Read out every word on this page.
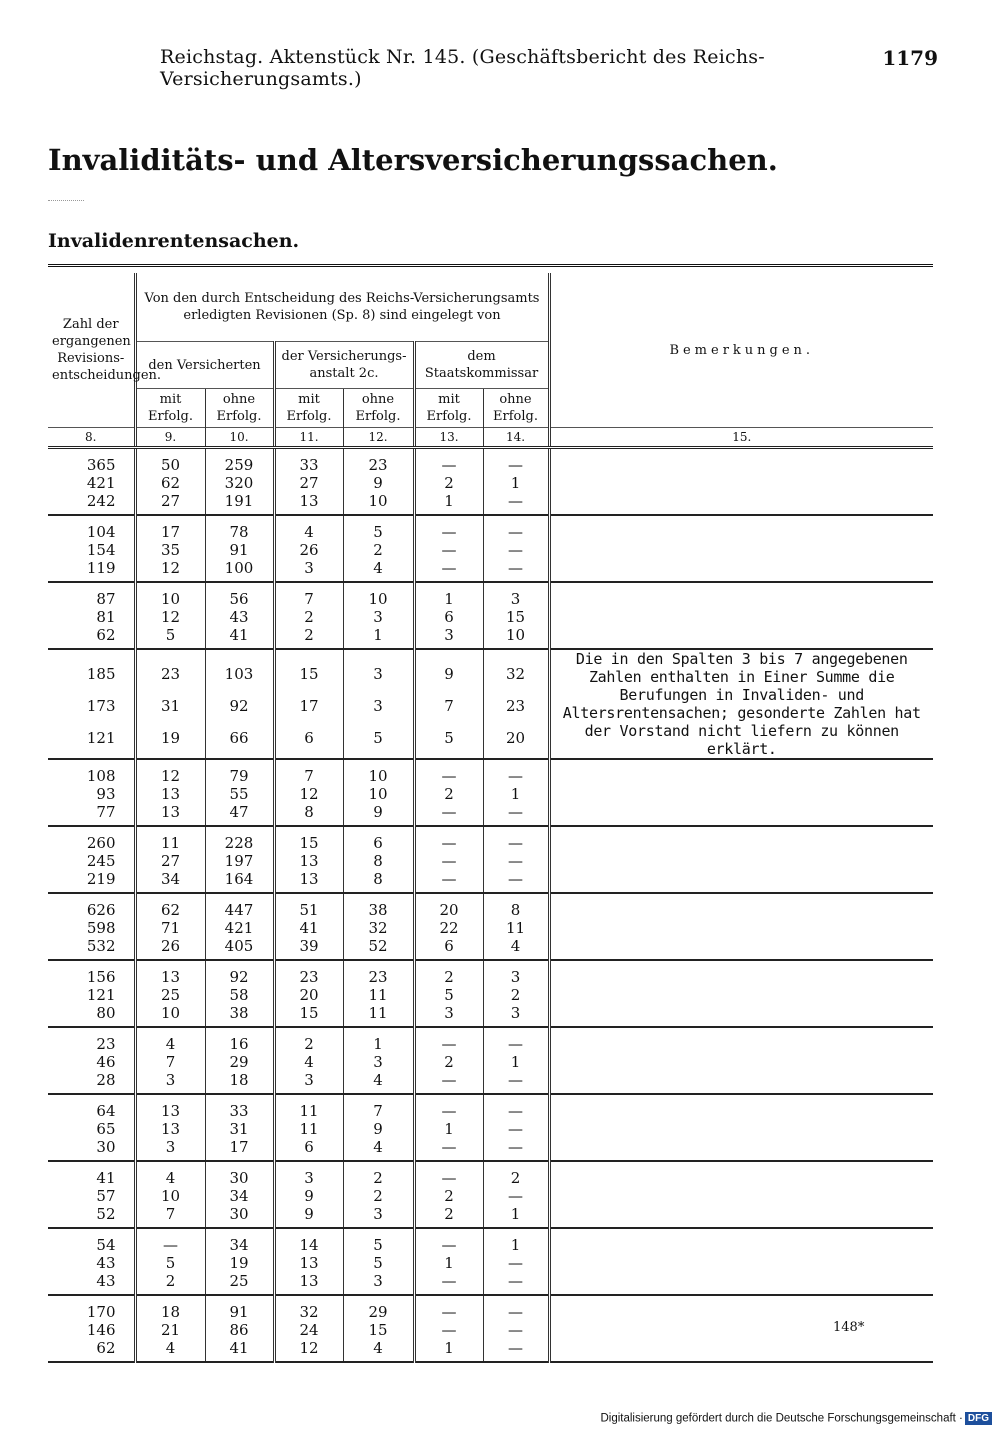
Reichstag. Aktenstück Nr. 145. (Geschäftsbericht des Reichs-Versicherungsamts.)
1179
Invaliditäts- und Altersversicherungssachen.
Invalidenrentensachen.

Zahl der ergangenen Revisions-entscheidungen.	Von den durch Entscheidung des Reichs-Versicherungsamts erledigten Revisionen (Sp. 8) sind eingelegt von						Bemerkungen.
	den Versicherten		der Versicherungs-anstalt 2c.		dem Staatskommissar		
	mit Erfolg.	ohne Erfolg.	mit Erfolg.	ohne Erfolg.	mit Erfolg.	ohne Erfolg.	
8.	9.	10.	11.	12.	13.	14.	15.
365	50	259	33	23	—	—	
421	62	320	27	9	2	1	
242	27	191	13	10	1	—	
104	17	78	4	5	—	—	
154	35	91	26	2	—	—	
119	12	100	3	4	—	—	
87	10	56	7	10	1	3	
81	12	43	2	3	6	15	
62	5	41	2	1	3	10	
185	23	103	15	3	9	32	Die in den Spalten 3 bis 7 angegebenen Zahlen enthalten in Einer Summe die Berufungen in Invaliden- und Altersrentensachen; gesonderte Zahlen hat der Vorstand nicht liefern zu können erklärt.
173	31	92	17	3	7	23	
121	19	66	6	5	5	20	
108	12	79	7	10	—	—	
93	13	55	12	10	2	1	
77	13	47	8	9	—	—	
260	11	228	15	6	—	—	
245	27	197	13	8	—	—	
219	34	164	13	8	—	—	
626	62	447	51	38	20	8	
598	71	421	41	32	22	11	
532	26	405	39	52	6	4	
156	13	92	23	23	2	3	
121	25	58	20	11	5	2	
80	10	38	15	11	3	3	
23	4	16	2	1	—	—	
46	7	29	4	3	2	1	
28	3	18	3	4	—	—	
64	13	33	11	7	—	—	
65	13	31	11	9	1	—	
30	3	17	6	4	—	—	
41	4	30	3	2	—	2	
57	10	34	9	2	2	—	
52	7	30	9	3	2	1	
54	—	34	14	5	—	1	
43	5	19	13	5	1	—	
43	2	25	13	3	—	—	
170	18	91	32	29	—	—	
146	21	86	24	15	—	—	
62	4	41	12	4	1	—	
148*
Digitalisierung gefördert durch die Deutsche Forschungsgemeinschaft · DFG
